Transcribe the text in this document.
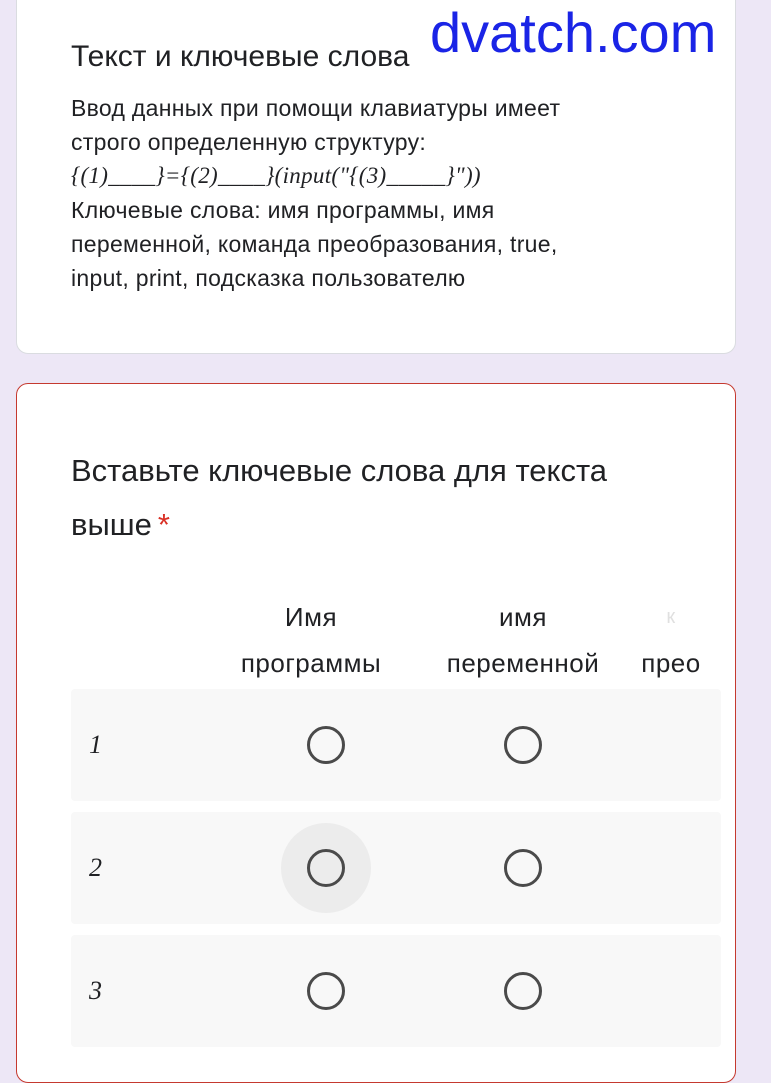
Текст и ключевые слова
Ввод данных при помощи клавиатуры имеет
строго определенную структуру:
{(1)____}={(2)____}(input("{(3)_____}"))
Ключевые слова: имя программы, имя
переменной, команда преобразования, true,
input, print, подсказка пользователю
Вставьте ключевые слова для текста выше *
Имя
программы
имя
переменной
к
прео
1
2
3
dvatch.com
